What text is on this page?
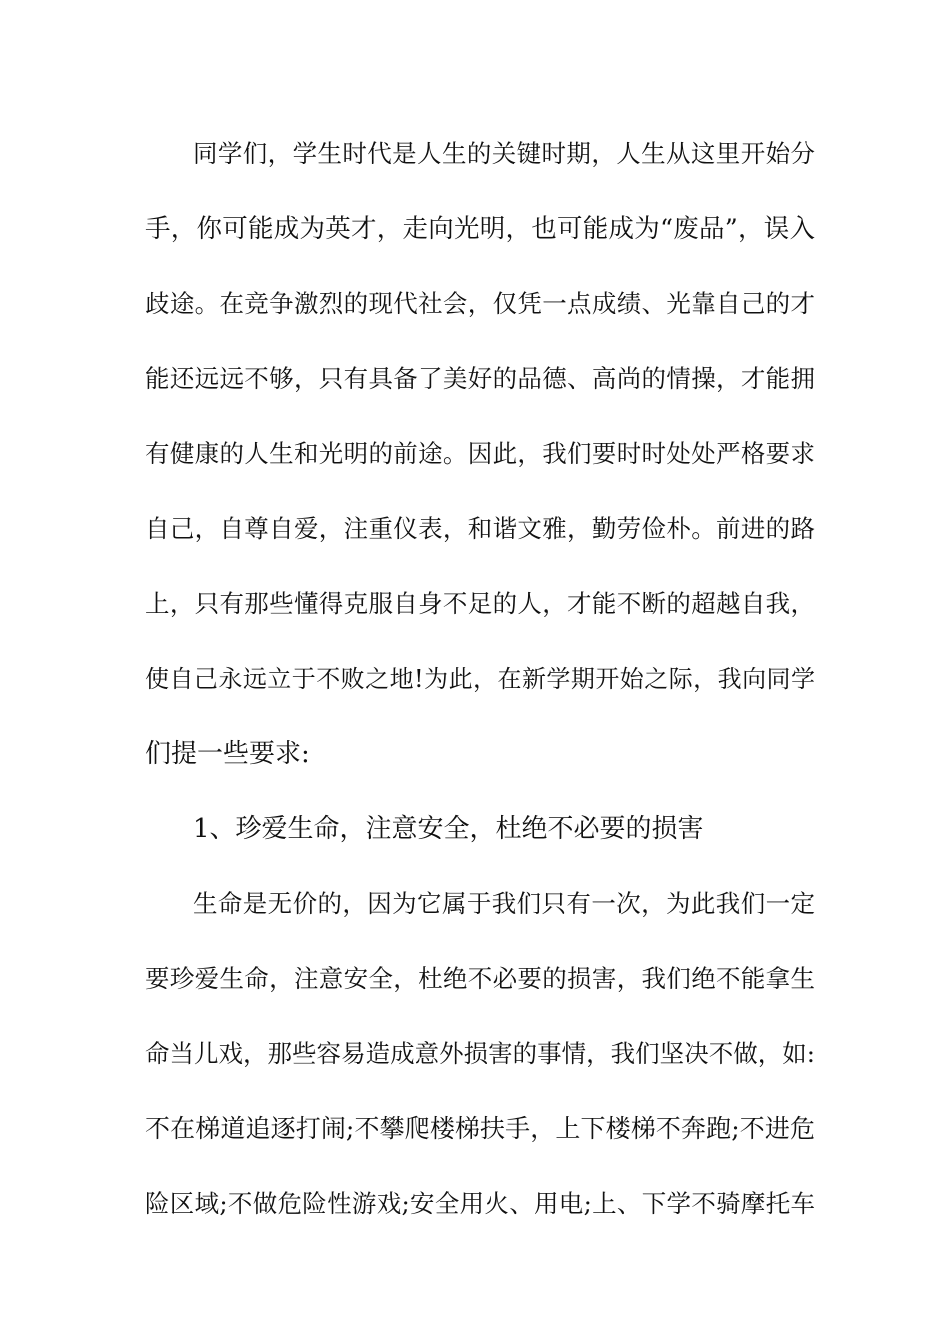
同学们，学生时代是人生的关键时期，人生从这里开始分
手，你可能成为英才，走向光明，也可能成为“废品”，误入
歧途。在竞争激烈的现代社会，仅凭一点成绩、光靠自己的才
能还远远不够，只有具备了美好的品德、高尚的情操，才能拥
有健康的人生和光明的前途。因此，我们要时时处处严格要求
自己，自尊自爱，注重仪表，和谐文雅，勤劳俭朴。前进的路
上，只有那些懂得克服自身不足的人，才能不断的超越自我，
使自己永远立于不败之地!为此，在新学期开始之际，我向同学
们提一些要求:
1、珍爱生命，注意安全，杜绝不必要的损害
生命是无价的，因为它属于我们只有一次，为此我们一定
要珍爱生命，注意安全，杜绝不必要的损害，我们绝不能拿生
命当儿戏，那些容易造成意外损害的事情，我们坚决不做，如:
不在梯道追逐打闹;不攀爬楼梯扶手，上下楼梯不奔跑;不进危
险区域;不做危险性游戏;安全用火、用电;上、下学不骑摩托车
